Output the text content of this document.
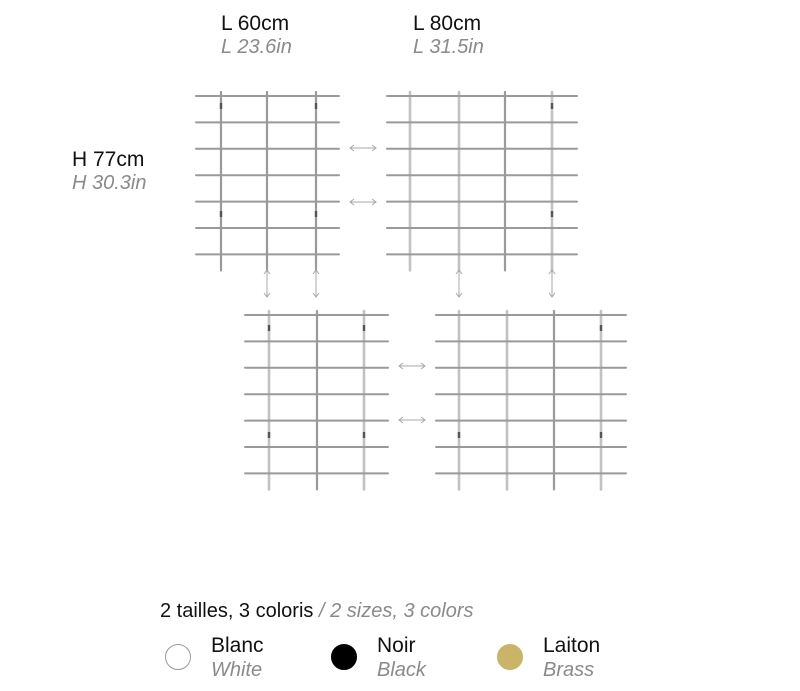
L 60cm
L 23.6in
L 80cm
L 31.5in
H 77cm
H 30.3in
2 tailles, 3 coloris / 2 sizes, 3 colors
Blanc
White
Noir
Black
Laiton
Brass
